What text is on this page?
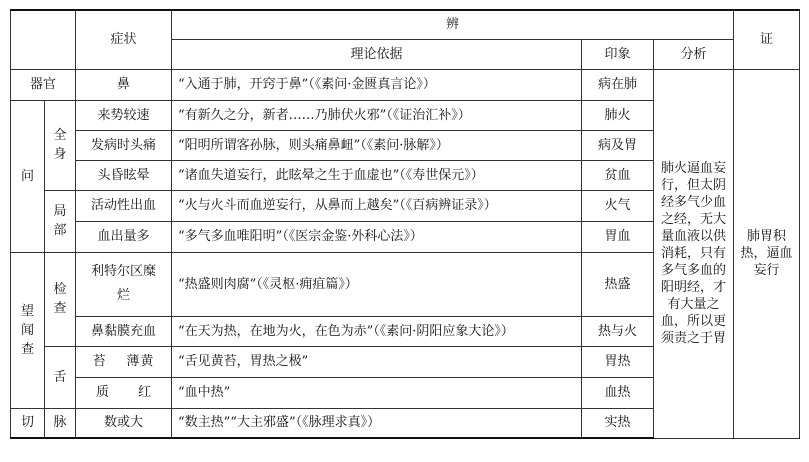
		症状	辨			证	
			理论依据	印象	分析		
器官		鼻	“入通于肺，开窍于鼻”（《素问·金匮真言论》）	病在肺	肺火逼血妄行，但太阴经多气少血之经，无大量血液以供消耗，只有多气多血的阳明经，才有大量之血，所以更须责之于胃	肺胃积热，逼血妄行	
问	全身	来势较速	“有新久之分，新者……乃肺伏火邪”（《证治汇补》）	肺火			
		发病时头痛	“阳明所谓客孙脉，则头痛鼻衄”（《素问·脉解》）	病及胃			
		头昏眩晕	“诸血失道妄行，此眩晕之生于血虚也”（《寿世保元》）	贫血			
	局部	活动性出血	“火与火斗而血逆妄行，从鼻而上越矣”（《百病辨证录》）	火气			
		血出量多	“多气多血唯阳明”（《医宗金鉴·外科心法》）	胃血			
望闻查	检查	利特尔区糜烂	“热盛则肉腐”（《灵枢·痈疽篇》）	热盛			
		鼻黏膜充血	“在天为热，在地为火，在色为赤”（《素问·阴阳应象大论》）	热与火			
	舌	苔 薄黄	“舌见黄苔，胃热之极”	胃热			
		质 红	“血中热”	血热			
切	脉	数或大	“数主热”“大主邪盛”（《脉理求真》）	实热			
